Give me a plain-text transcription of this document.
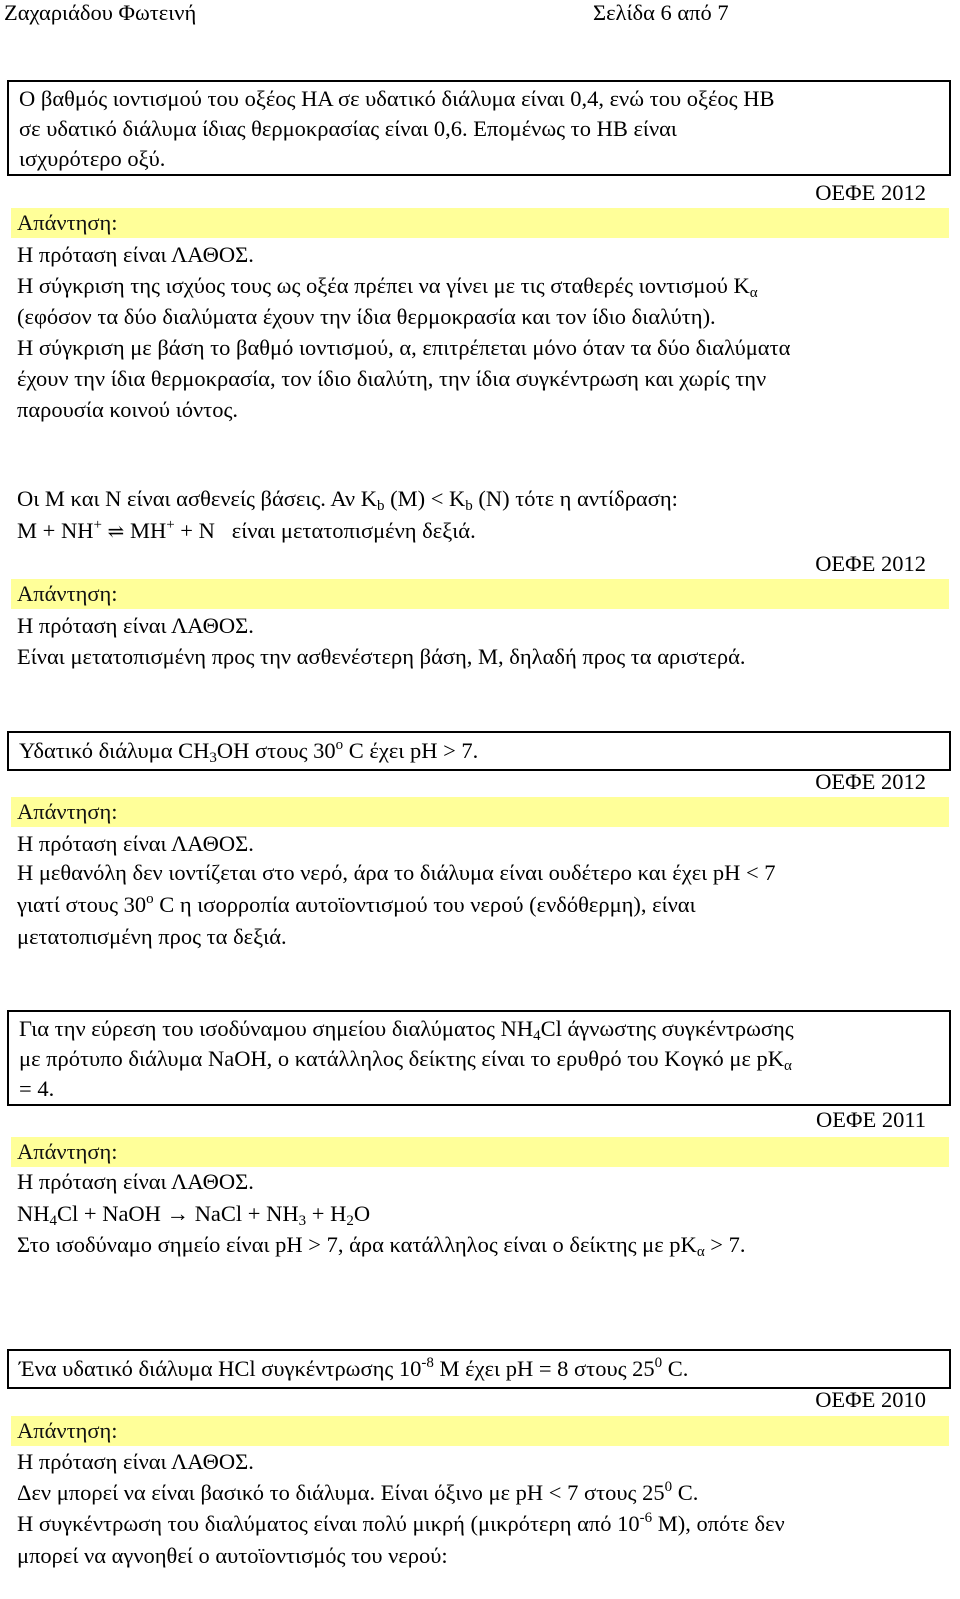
Ζαχαριάδου Φωτεινή	Σελίδα 6 από 7
Ο βαθμός ιοντισμού του οξέος ΗΑ σε υδατικό διάλυμα είναι 0,4, ενώ του οξέος ΗΒ
σε υδατικό διάλυμα ίδιας θερμοκρασίας είναι 0,6. Επομένως το ΗΒ είναι
ισχυρότερο οξύ.
ΟΕΦΕ 2012
Απάντηση:
Η πρόταση είναι ΛΑΘΟΣ.
Η σύγκριση της ισχύος τους ως οξέα πρέπει να γίνει με τις σταθερές ιοντισμού $K_\alpha$
(εφόσον τα δύο διαλύματα έχουν την ίδια θερμοκρασία και τον ίδιο διαλύτη).
Η σύγκριση με βάση το βαθμό ιοντισμού, α, επιτρέπεται μόνο όταν τα δύο διαλύματα
έχουν την ίδια θερμοκρασία, τον ίδιο διαλύτη, την ίδια συγκέντρωση και χωρίς την
παρουσία κοινού ιόντος.
Οι Μ και Ν είναι ασθενείς βάσεις. Αν $K_b$ $(M) < K_b$ (N) τότε η αντίδραση:
M + NH+ ⇌ MH+ + N είναι μετατοπισμένη δεξιά.
ΟΕΦΕ 2012
Απάντηση:
Η πρόταση είναι ΛΑΘΟΣ.
Είναι μετατοπισμένη προς την ασθενέστερη βάση, Μ, δηλαδή προς τα αριστερά.
Υδατικό διάλυμα $CH_3OH$ στους 30$^o$ C έχει pH > 7.
ΟΕΦΕ 2012
Απάντηση:
Η πρόταση είναι ΛΑΘΟΣ.
Η μεθανόλη δεν ιοντίζεται στο νερό, άρα το διάλυμα είναι ουδέτερο και έχει pH < 7
γιατί στους 30$^o$ C η ισορροπία αυτοϊοντισμού του νερού (ενδόθερμη), είναι
μετατοπισμένη προς τα δεξιά.
Για την εύρεση του ισοδύναμου σημείου διαλύματος $NH_4Cl$ άγνωστης συγκέντρωσης
με πρότυπο διάλυμα NaOH, ο κατάλληλος δείκτης είναι το ερυθρό του Κογκό με $pK_\alpha$
= 4.
ΟΕΦΕ 2011
Απάντηση:
Η πρόταση είναι ΛΑΘΟΣ.
$NH_4Cl$ + NaOH → NaCl + $NH_3 + H_2O$
Στο ισοδύναμο σημείο είναι pH > 7, άρα κατάλληλος είναι ο δείκτης με $pK_\alpha > 7$.
Ένα υδατικό διάλυμα HCl συγκέντρωσης $10^{-8}$ M έχει pH = 8 στους $25^0$ C.
ΟΕΦΕ 2010
Απάντηση:
Η πρόταση είναι ΛΑΘΟΣ.
Δεν μπορεί να είναι βασικό το διάλυμα. Είναι όξινο με pH < 7 στους $25^0$ C.
Η συγκέντρωση του διαλύματος είναι πολύ μικρή (μικρότερη από $10^{-6}$ M), οπότε δεν
μπορεί να αγνοηθεί ο αυτοϊοντισμός του νερού:
